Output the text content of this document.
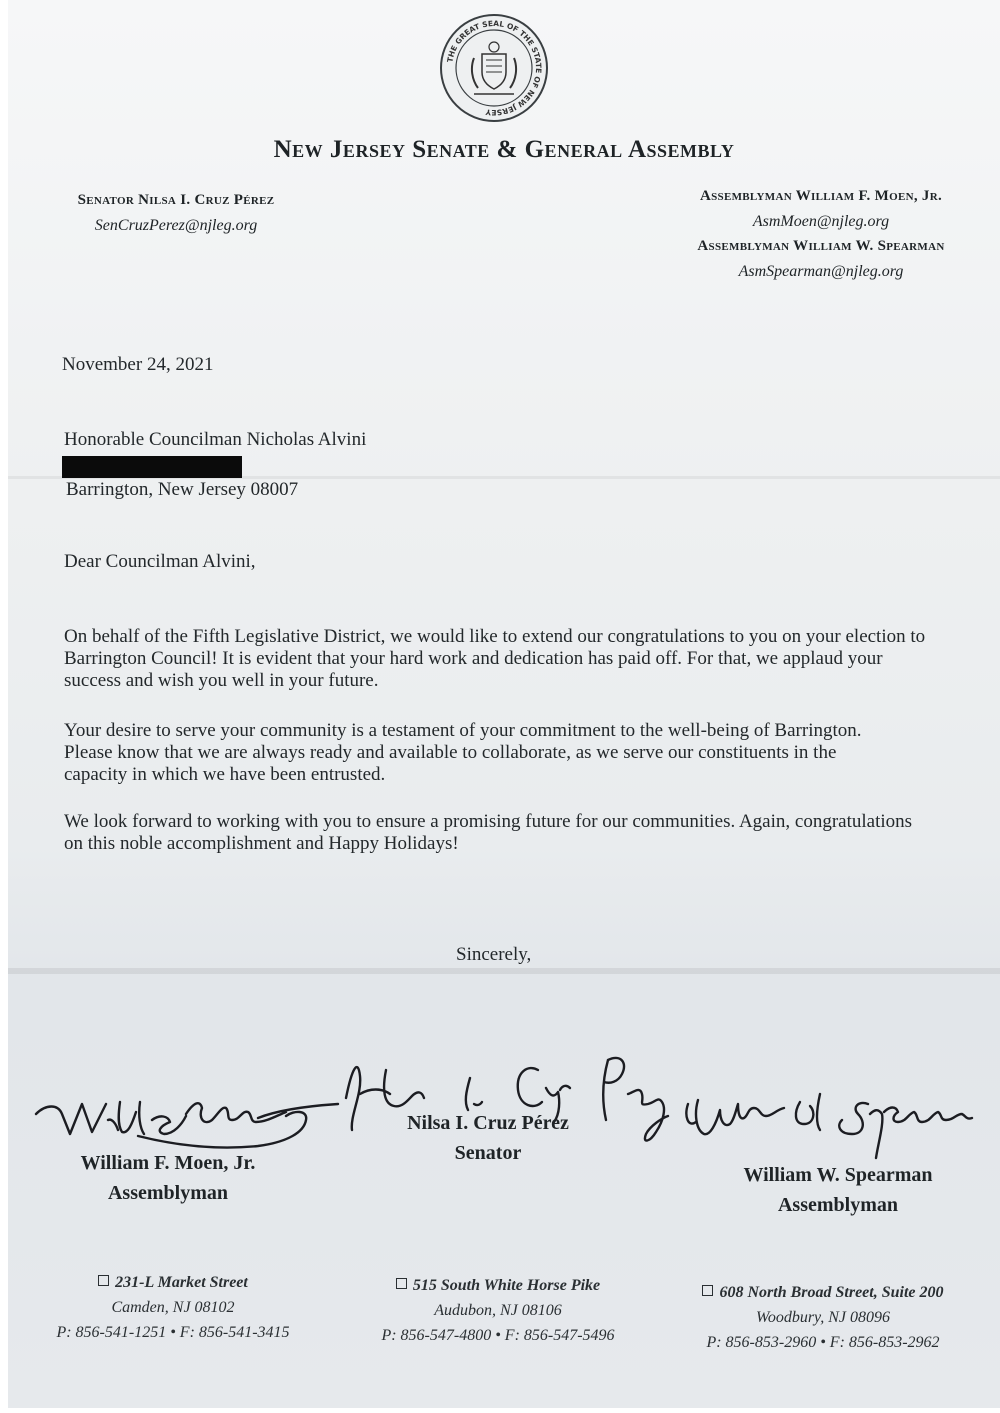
THE GREAT SEAL OF THE STATE OF NEW JERSEY
New Jersey Senate & General Assembly
Senator Nilsa I. Cruz Pérez
SenCruzPerez@njleg.org
Assemblyman William F. Moen, Jr.
AsmMoen@njleg.org
Assemblyman William W. Spearman
AsmSpearman@njleg.org
November 24, 2021
Honorable Councilman Nicholas Alvini
Barrington, New Jersey 08007
Dear Councilman Alvini,
On behalf of the Fifth Legislative District, we would like to extend our congratulations to you on your election to Barrington Council! It is evident that your hard work and dedication has paid off. For that, we applaud your success and wish you well in your future.
Your desire to serve your community is a testament of your commitment to the well-being of Barrington. Please know that we are always ready and available to collaborate, as we serve our constituents in the capacity in which we have been entrusted.
We look forward to working with you to ensure a promising future for our communities. Again, congratulations on this noble accomplishment and Happy Holidays!
Sincerely,
William F. Moen, Jr.
Assemblyman
Nilsa I. Cruz Pérez
Senator
William W. Spearman
Assemblyman
231-L Market Street
Camden, NJ 08102
P: 856-541-1251 • F: 856-541-3415
515 South White Horse Pike
Audubon, NJ 08106
P: 856-547-4800 • F: 856-547-5496
608 North Broad Street, Suite 200
Woodbury, NJ 08096
P: 856-853-2960 • F: 856-853-2962
